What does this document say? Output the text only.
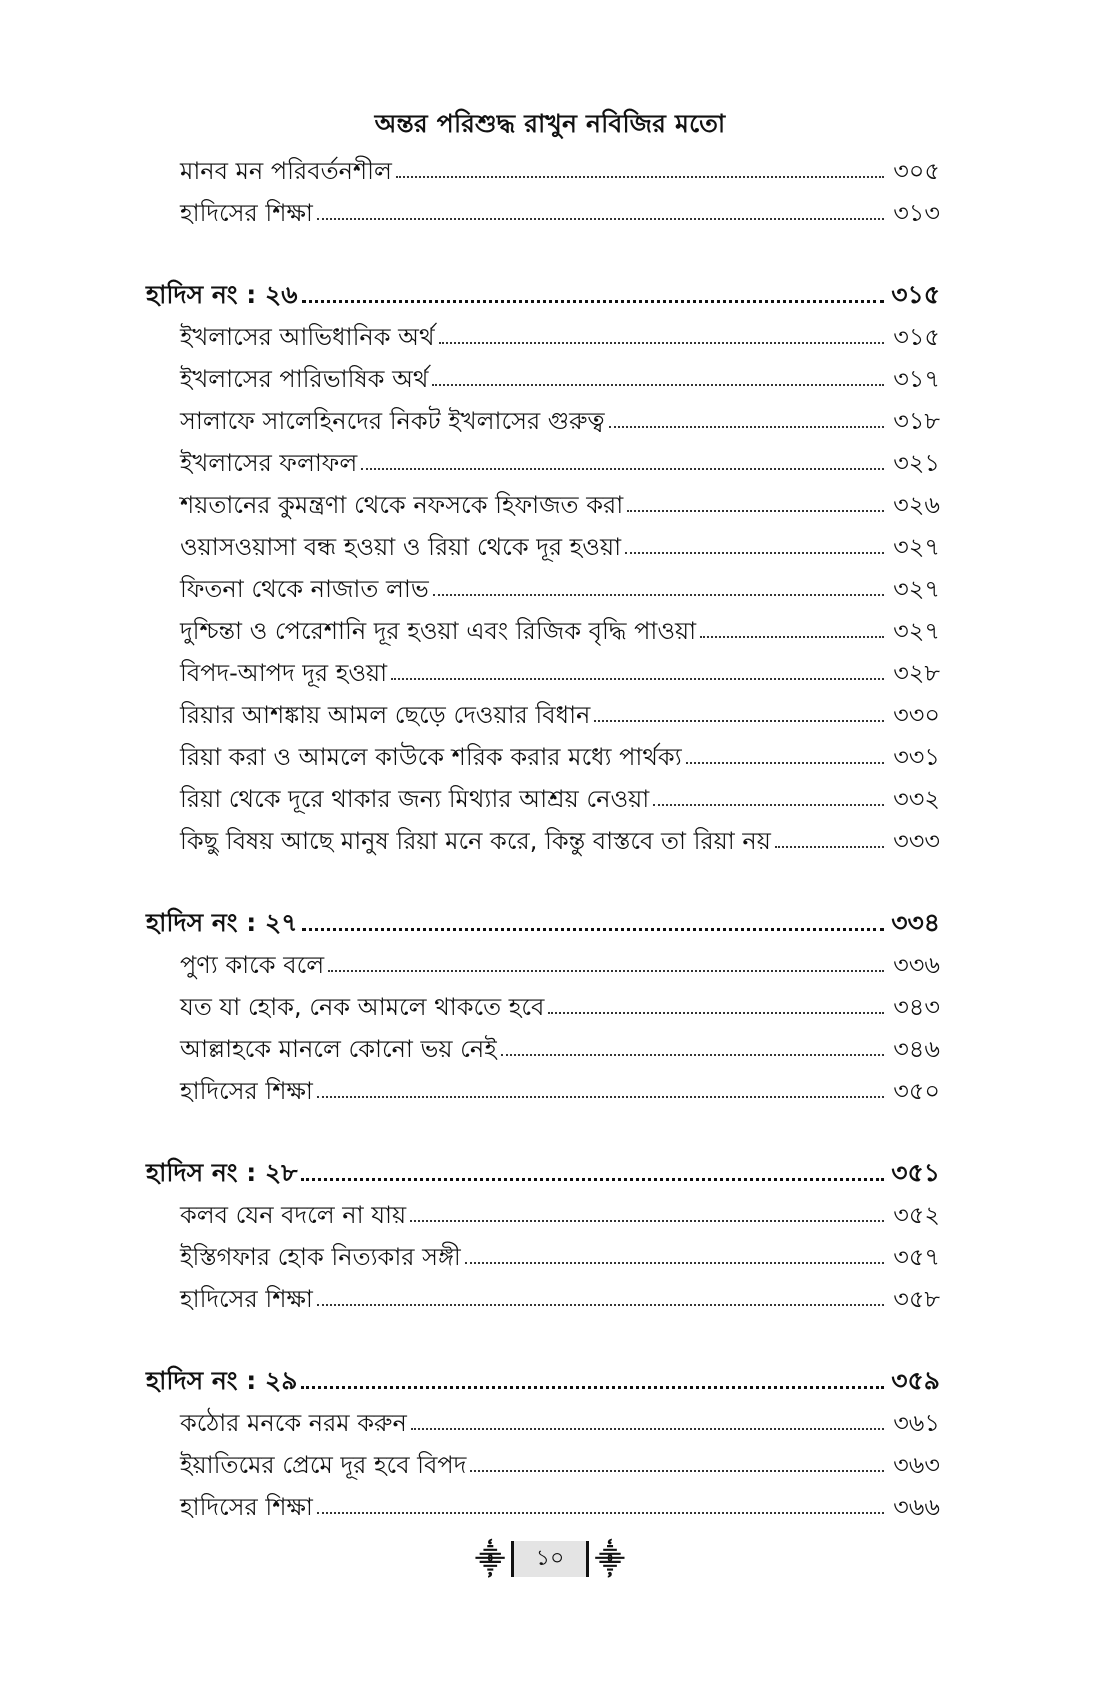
অন্তর পরিশুদ্ধ রাখুন নবিজির মতো
মানব মন পরিবর্তনশীল	৩০৫
হাদিসের শিক্ষা	৩১৩
হাদিস নং : ২৬	৩১৫
ইখলাসের আভিধানিক অর্থ	৩১৫
ইখলাসের পারিভাষিক অর্থ	৩১৭
সালাফে সালেহিনদের নিকট ইখলাসের গুরুত্ব	৩১৮
ইখলাসের ফলাফল	৩২১
শয়তানের কুমন্ত্রণা থেকে নফসকে হিফাজত করা	৩২৬
ওয়াসওয়াসা বন্ধ হওয়া ও রিয়া থেকে দূর হওয়া	৩২৭
ফিতনা থেকে নাজাত লাভ	৩২৭
দুশ্চিন্তা ও পেরেশানি দূর হওয়া এবং রিজিক বৃদ্ধি পাওয়া	৩২৭
বিপদ-আপদ দূর হওয়া	৩২৮
রিয়ার আশঙ্কায় আমল ছেড়ে দেওয়ার বিধান	৩৩০
রিয়া করা ও আমলে কাউকে শরিক করার মধ্যে পার্থক্য	৩৩১
রিয়া থেকে দূরে থাকার জন্য মিথ্যার আশ্রয় নেওয়া	৩৩২
কিছু বিষয় আছে মানুষ রিয়া মনে করে, কিন্তু বাস্তবে তা রিয়া নয়	৩৩৩
হাদিস নং : ২৭	৩৩৪
পুণ্য কাকে বলে	৩৩৬
যত যা হোক, নেক আমলে থাকতে হবে	৩৪৩
আল্লাহকে মানলে কোনো ভয় নেই	৩৪৬
হাদিসের শিক্ষা	৩৫০
হাদিস নং : ২৮	৩৫১
কলব যেন বদলে না যায়	৩৫২
ইস্তিগফার হোক নিত্যকার সঙ্গী	৩৫৭
হাদিসের শিক্ষা	৩৫৮
হাদিস নং : ২৯	৩৫৯
কঠোর মনকে নরম করুন	৩৬১
ইয়াতিমের প্রেমে দূর হবে বিপদ	৩৬৩
হাদিসের শিক্ষা	৩৬৬
⸎	১০	⸎
